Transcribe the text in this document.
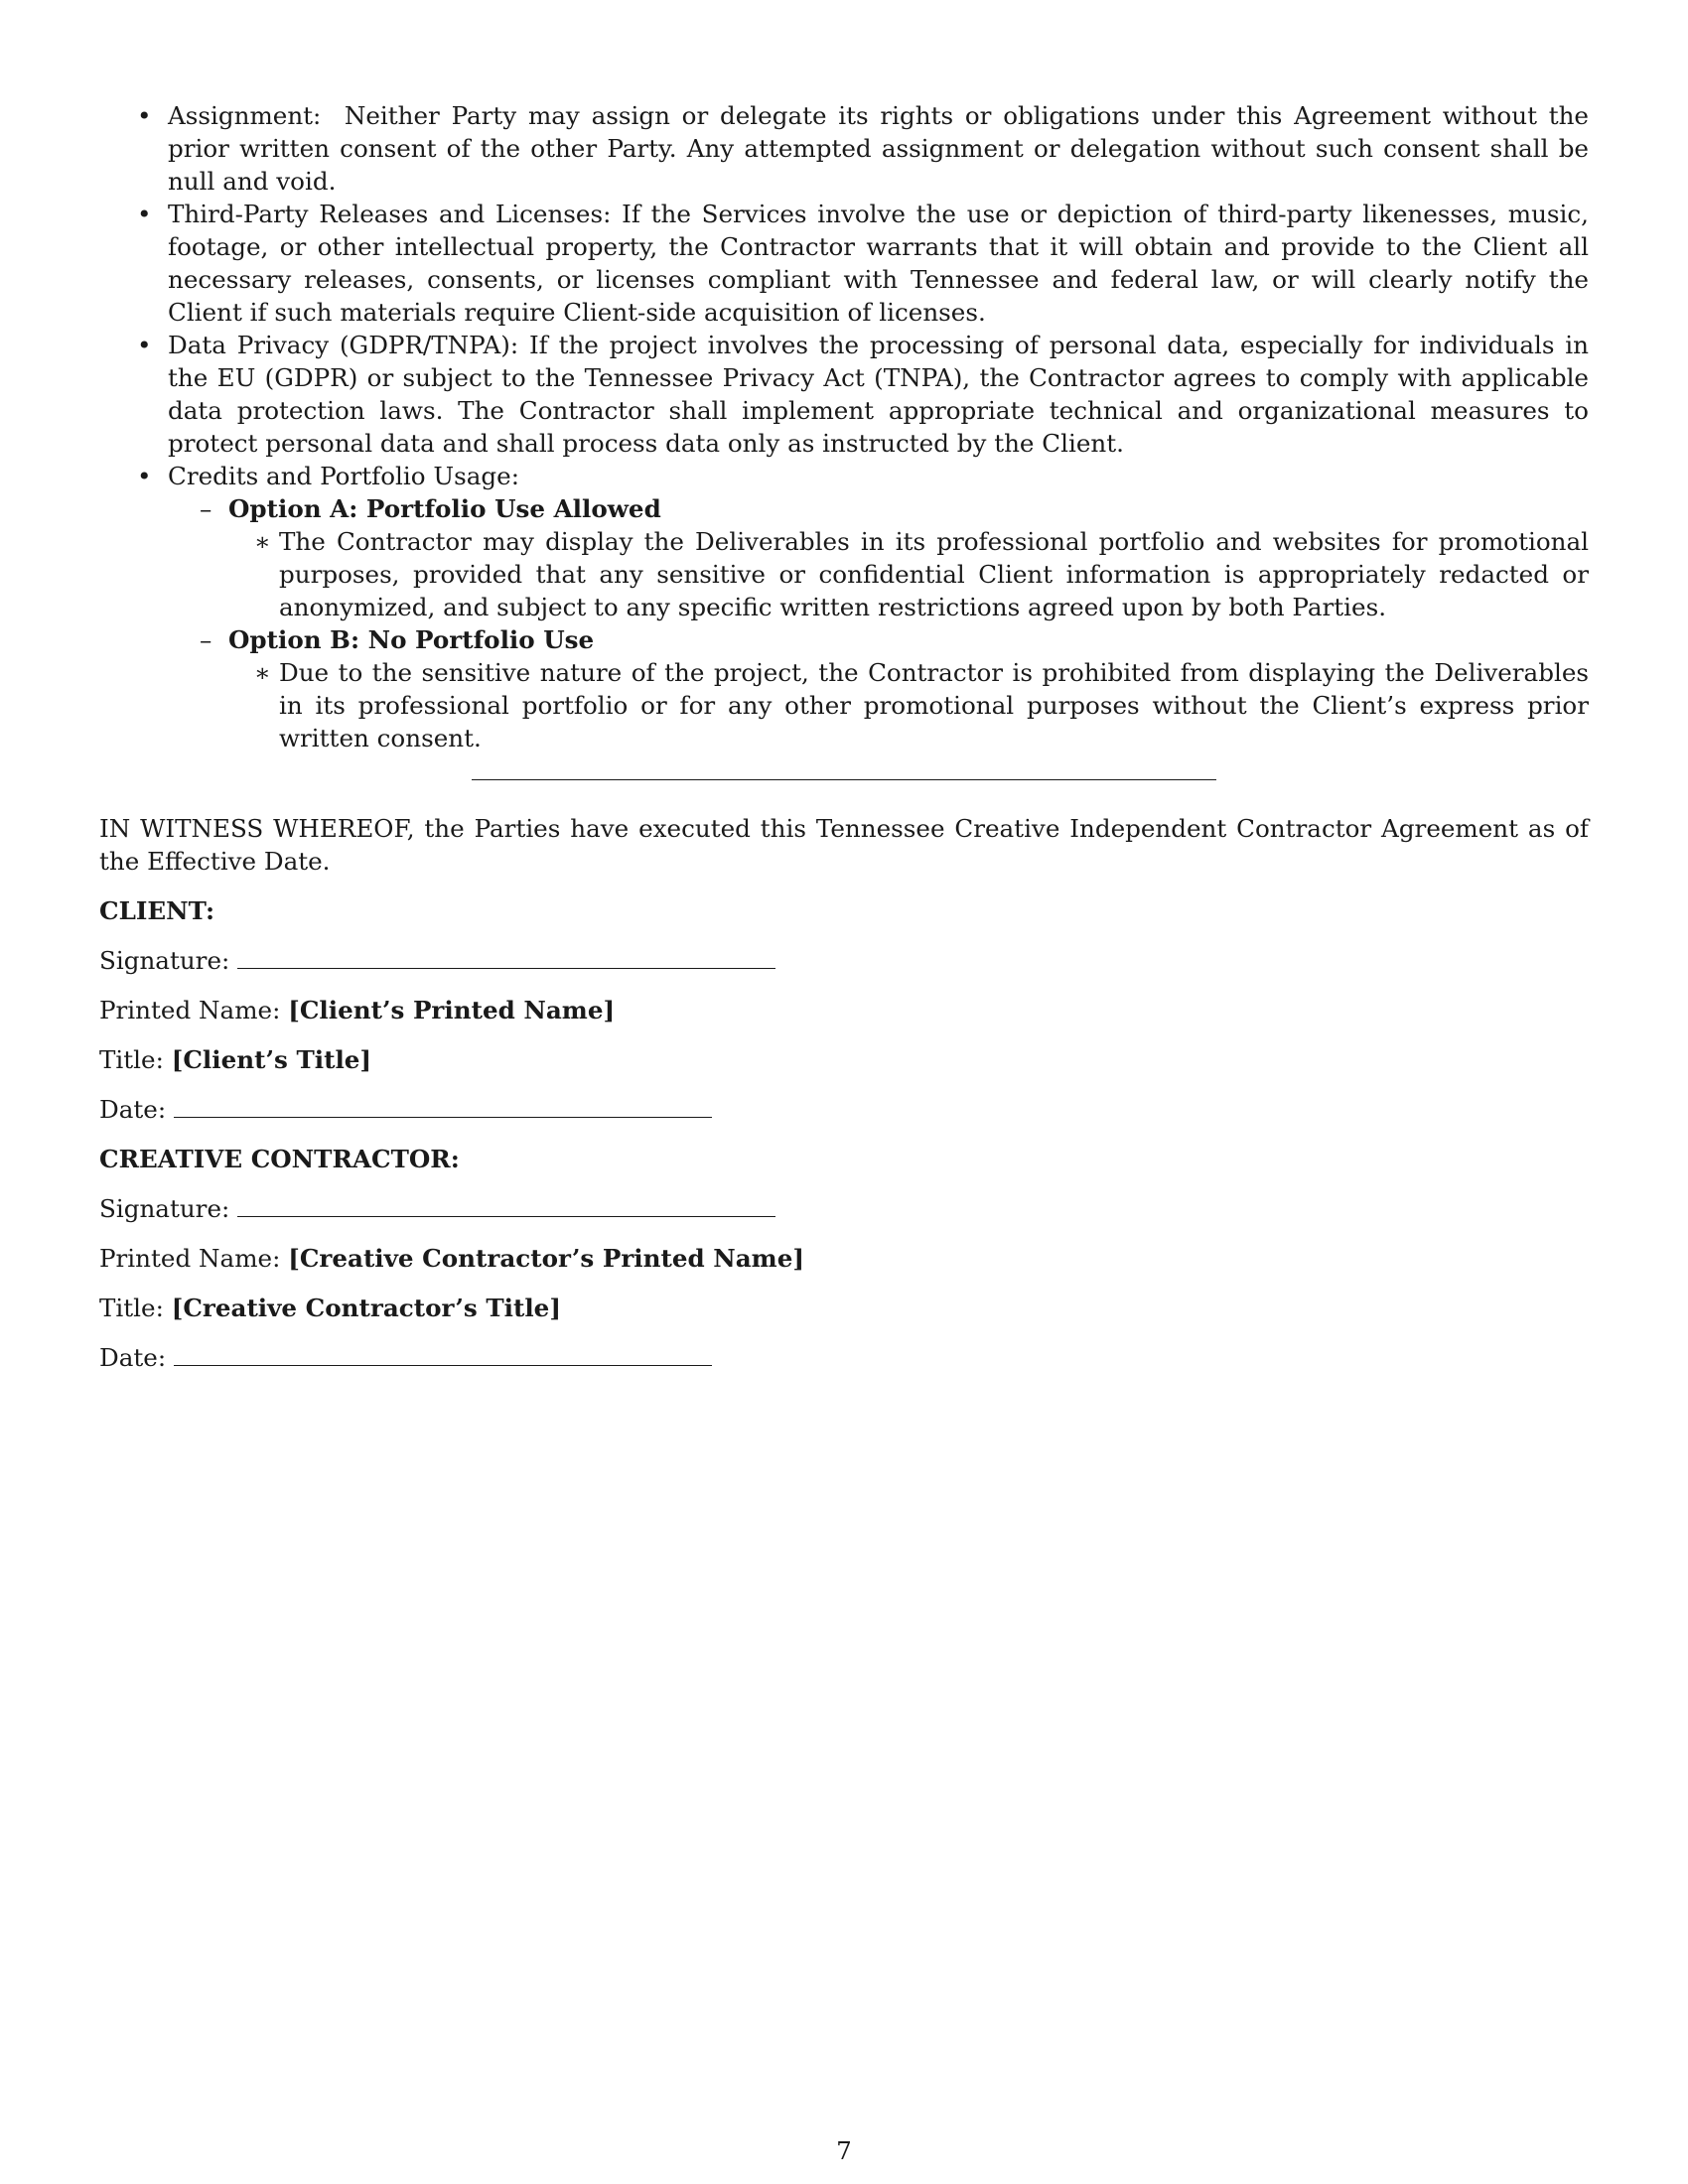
• Assignment: Neither Party may assign or delegate its rights or obligations under this Agreement without the prior written consent of the other Party. Any attempted assignment or delegation without such consent shall be null and void.
• Third-Party Releases and Licenses: If the Services involve the use or depiction of third-party likenesses, music, footage, or other intellectual property, the Contractor warrants that it will obtain and provide to the Client all necessary releases, consents, or licenses compliant with Tennessee and federal law, or will clearly notify the Client if such materials require Client-side acquisition of licenses.
• Data Privacy (GDPR/TNPA): If the project involves the processing of personal data, especially for individuals in the EU (GDPR) or subject to the Tennessee Privacy Act (TNPA), the Contractor agrees to comply with applicable data protection laws. The Contractor shall implement appropriate technical and organizational measures to protect personal data and shall process data only as instructed by the Client.
• Credits and Portfolio Usage:
– Option A: Portfolio Use Allowed
∗ The Contractor may display the Deliverables in its professional portfolio and websites for promotional purposes, provided that any sensitive or confidential Client information is appropriately redacted or anonymized, and subject to any specific written restrictions agreed upon by both Parties.
– Option B: No Portfolio Use
∗ Due to the sensitive nature of the project, the Contractor is prohibited from displaying the Deliverables in its professional portfolio or for any other promotional purposes without the Client’s express prior written consent.
IN WITNESS WHEREOF, the Parties have executed this Tennessee Creative Independent Contractor Agreement as of the Effective Date.
CLIENT:
Signature:
Printed Name: [Client’s Printed Name]
Title: [Client’s Title]
Date:
CREATIVE CONTRACTOR:
Signature:
Printed Name: [Creative Contractor’s Printed Name]
Title: [Creative Contractor’s Title]
Date:
7
